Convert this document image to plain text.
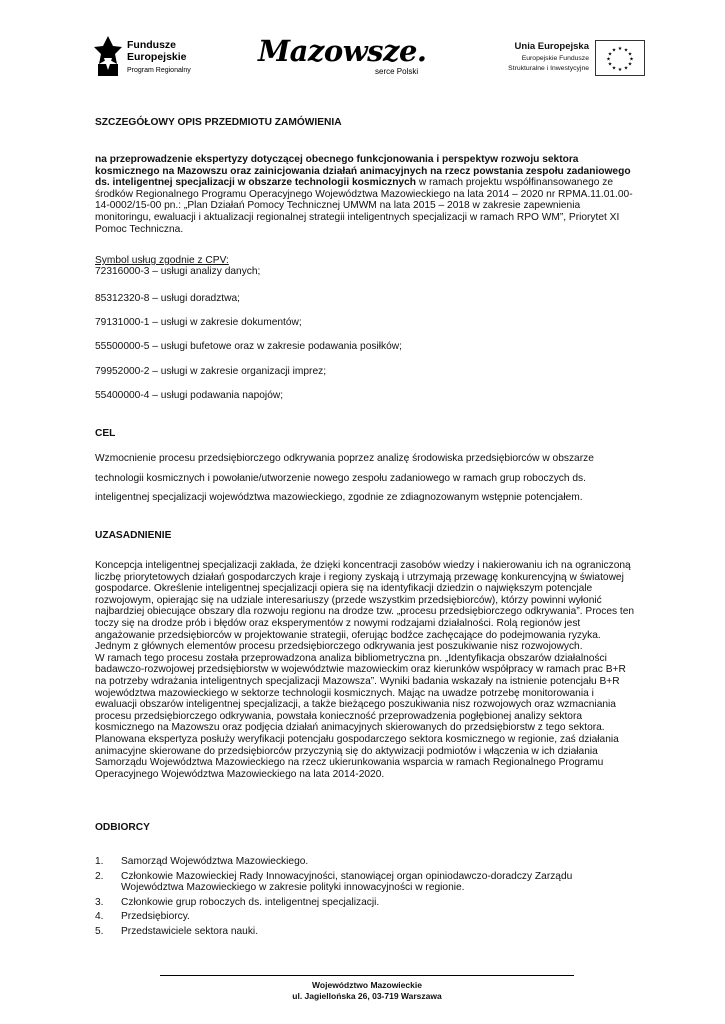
Fundusze
Europejskie
Program Regionalny
Mazowsze.
serce Polski
Unia Europejska
Europejskie Fundusze
Strukturalne i Inwestycyjne
★ ★
★
★
★
★
★
★
★
★
★
★
SZCZEGÓŁOWY OPIS PRZEDMIOTU ZAMÓWIENIA
na przeprowadzenie ekspertyzy dotyczącej obecnego funkcjonowania i perspektyw rozwoju sektora kosmicznego na Mazowszu oraz zainicjowania działań animacyjnych na rzecz powstania zespołu zadaniowego ds. inteligentnej specjalizacji w obszarze technologii kosmicznych w ramach projektu współfinansowanego ze środków Regionalnego Programu Operacyjnego Województwa Mazowieckiego na lata 2014 – 2020 nr RPMA.11.01.00-14-0002/15-00 pn.: „Plan Działań Pomocy Technicznej UMWM na lata 2015 – 2018 w zakresie zapewnienia monitoringu, ewaluacji i aktualizacji regionalnej strategii inteligentnych specjalizacji w ramach RPO WM”, Priorytet XI Pomoc Techniczna.
Symbol usług zgodnie z CPV:
72316000-3 – usługi analizy danych;
85312320-8 – usługi doradztwa;
79131000-1 – usługi w zakresie dokumentów;
55500000-5 – usługi bufetowe oraz w zakresie podawania posiłków;
79952000-2 – usługi w zakresie organizacji imprez;
55400000-4 – usługi podawania napojów;
CEL
Wzmocnienie procesu przedsiębiorczego odkrywania poprzez analizę środowiska przedsiębiorców w obszarze technologii kosmicznych i powołanie/utworzenie nowego zespołu zadaniowego w ramach grup roboczych ds. inteligentnej specjalizacji województwa mazowieckiego, zgodnie ze zdiagnozowanym wstępnie potencjałem.
UZASADNIENIE

Koncepcja inteligentnej specjalizacji zakłada, że dzięki koncentracji zasobów wiedzy i nakierowaniu ich na ograniczoną liczbę priorytetowych działań gospodarczych kraje i regiony zyskają i utrzymają przewagę konkurencyjną w światowej gospodarce. Określenie inteligentnej specjalizacji opiera się na identyfikacji dziedzin o największym potencjale rozwojowym, opierając się na udziale interesariuszy (przede wszystkim przedsiębiorców), którzy powinni wyłonić najbardziej obiecujące obszary dla rozwoju regionu na drodze tzw. „procesu przedsiębiorczego odkrywania”. Proces ten toczy się na drodze prób i błędów oraz eksperymentów z nowymi rodzajami działalności. Rolą regionów jest angażowanie przedsiębiorców w projektowanie strategii, oferując bodźce zachęcające do podejmowania ryzyka.

Jednym z głównych elementów procesu przedsiębiorczego odkrywania jest poszukiwanie nisz rozwojowych.

W ramach tego procesu została przeprowadzona analiza bibliometryczna pn. „Identyfikacja obszarów działalności badawczo-rozwojowej przedsiębiorstw w województwie mazowieckim oraz kierunków współpracy w ramach prac B+R na potrzeby wdrażania inteligentnych specjalizacji Mazowsza”. Wyniki badania wskazały na istnienie potencjału B+R województwa mazowieckiego w sektorze technologii kosmicznych. Mając na uwadze potrzebę monitorowania i ewaluacji obszarów inteligentnej specjalizacji, a także bieżącego poszukiwania nisz rozwojowych oraz wzmacniania procesu przedsiębiorczego odkrywania, powstała konieczność przeprowadzenia pogłębionej analizy sektora kosmicznego na Mazowszu oraz podjęcia działań animacyjnych skierowanych do przedsiębiorstw z tego sektora. Planowana ekspertyza posłuży weryfikacji potencjału gospodarczego sektora kosmicznego w regionie, zaś działania animacyjne skierowane do przedsiębiorców przyczynią się do aktywizacji podmiotów i włączenia w ich działania Samorządu Województwa Mazowieckiego na rzecz ukierunkowania wsparcia w ramach Regionalnego Programu Operacyjnego Województwa Mazowieckiego na lata 2014-2020.

ODBIORCY
1. Samorząd Województwa Mazowieckiego.
2. Członkowie Mazowieckiej Rady Innowacyjności, stanowiącej organ opiniodawczo-doradczy Zarządu Województwa Mazowieckiego w zakresie polityki innowacyjności w regionie.
3. Członkowie grup roboczych ds. inteligentnej specjalizacji.
4. Przedsiębiorcy.
5. Przedstawiciele sektora nauki.
Województwo Mazowieckie
ul. Jagiellońska 26, 03-719 Warszawa
